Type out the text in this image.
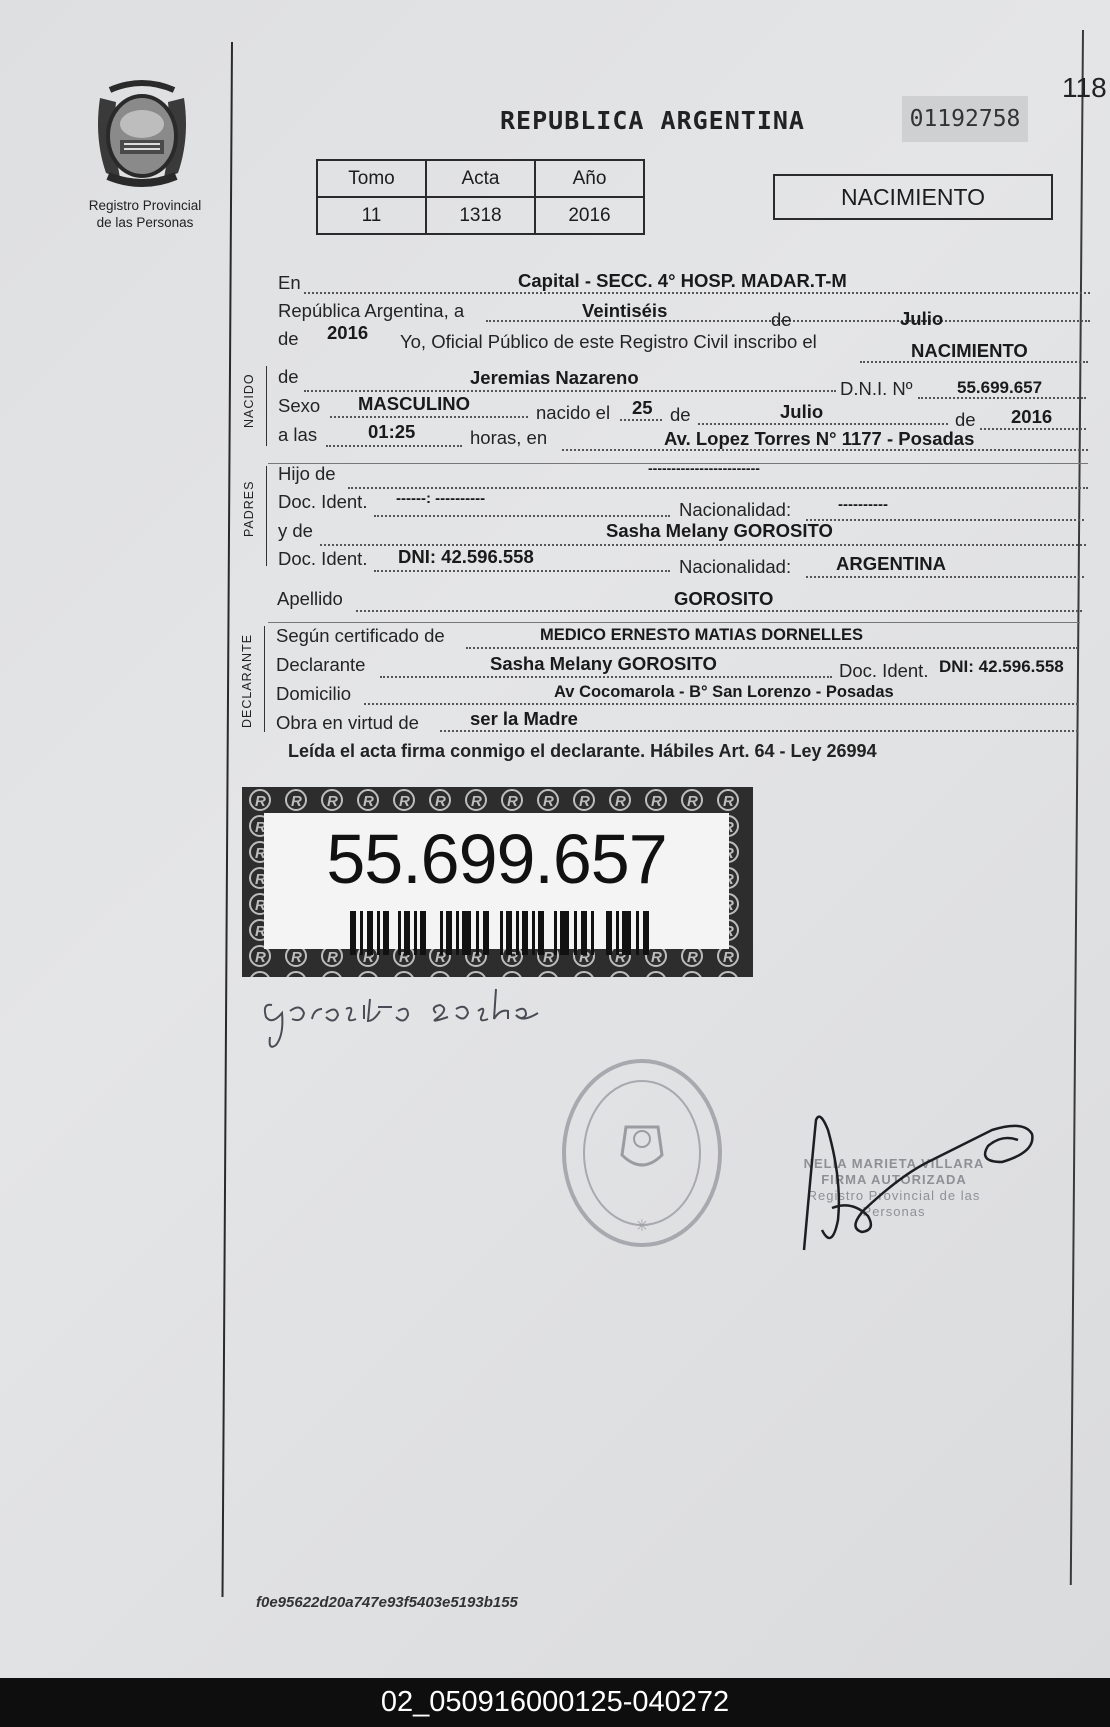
Registro Provincial
de las Personas
118
REPUBLICA ARGENTINA	01192758
Tomo	Acta	Año
11	1318	2016
NACIMIENTO
En	Capital - SECC. 4° HOSP. MADAR.T-M
República Argentina, a	Veintiséis	de	Julio
de 2016 Yo, Oficial Público de este Registro Civil inscribo el	NACIMIENTO
NACIDO de	Jeremias Nazareno
D.N.I. Nº	55.699.657
Sexo MASCULINO	nacido el 25 de	Julio	de 2016
a las	01:25	horas, en	Av. Lopez Torres N° 1177 - Posadas
PADRES
Hijo de	------------------------
Doc. Ident. ------: ----------
Nacionalidad:	----------
y de	Sasha Melany GOROSITO
Doc. Ident. DNI: 42.596.558	Nacionalidad: ARGENTINA
Apellido	GOROSITO
DECLARANTE Según certificado de	MEDICO ERNESTO MATIAS DORNELLES
Declarante	Sasha Melany GOROSITO	Doc. Ident. DNI: 42.596.558
Domicilio	Av Cocomarola - B° San Lorenzo - Posadas
Obra en virtud de	ser la Madre
Leída el acta firma conmigo el declarante. Hábiles Art. 64 - Ley 26994
55.699.657
✳
NELIA MARIETA VILLARA
FIRMA AUTORIZADA
Registro Provincial de las Personas
f0e95622d20a747e93f5403e5193b155
02_050916000125-040272
